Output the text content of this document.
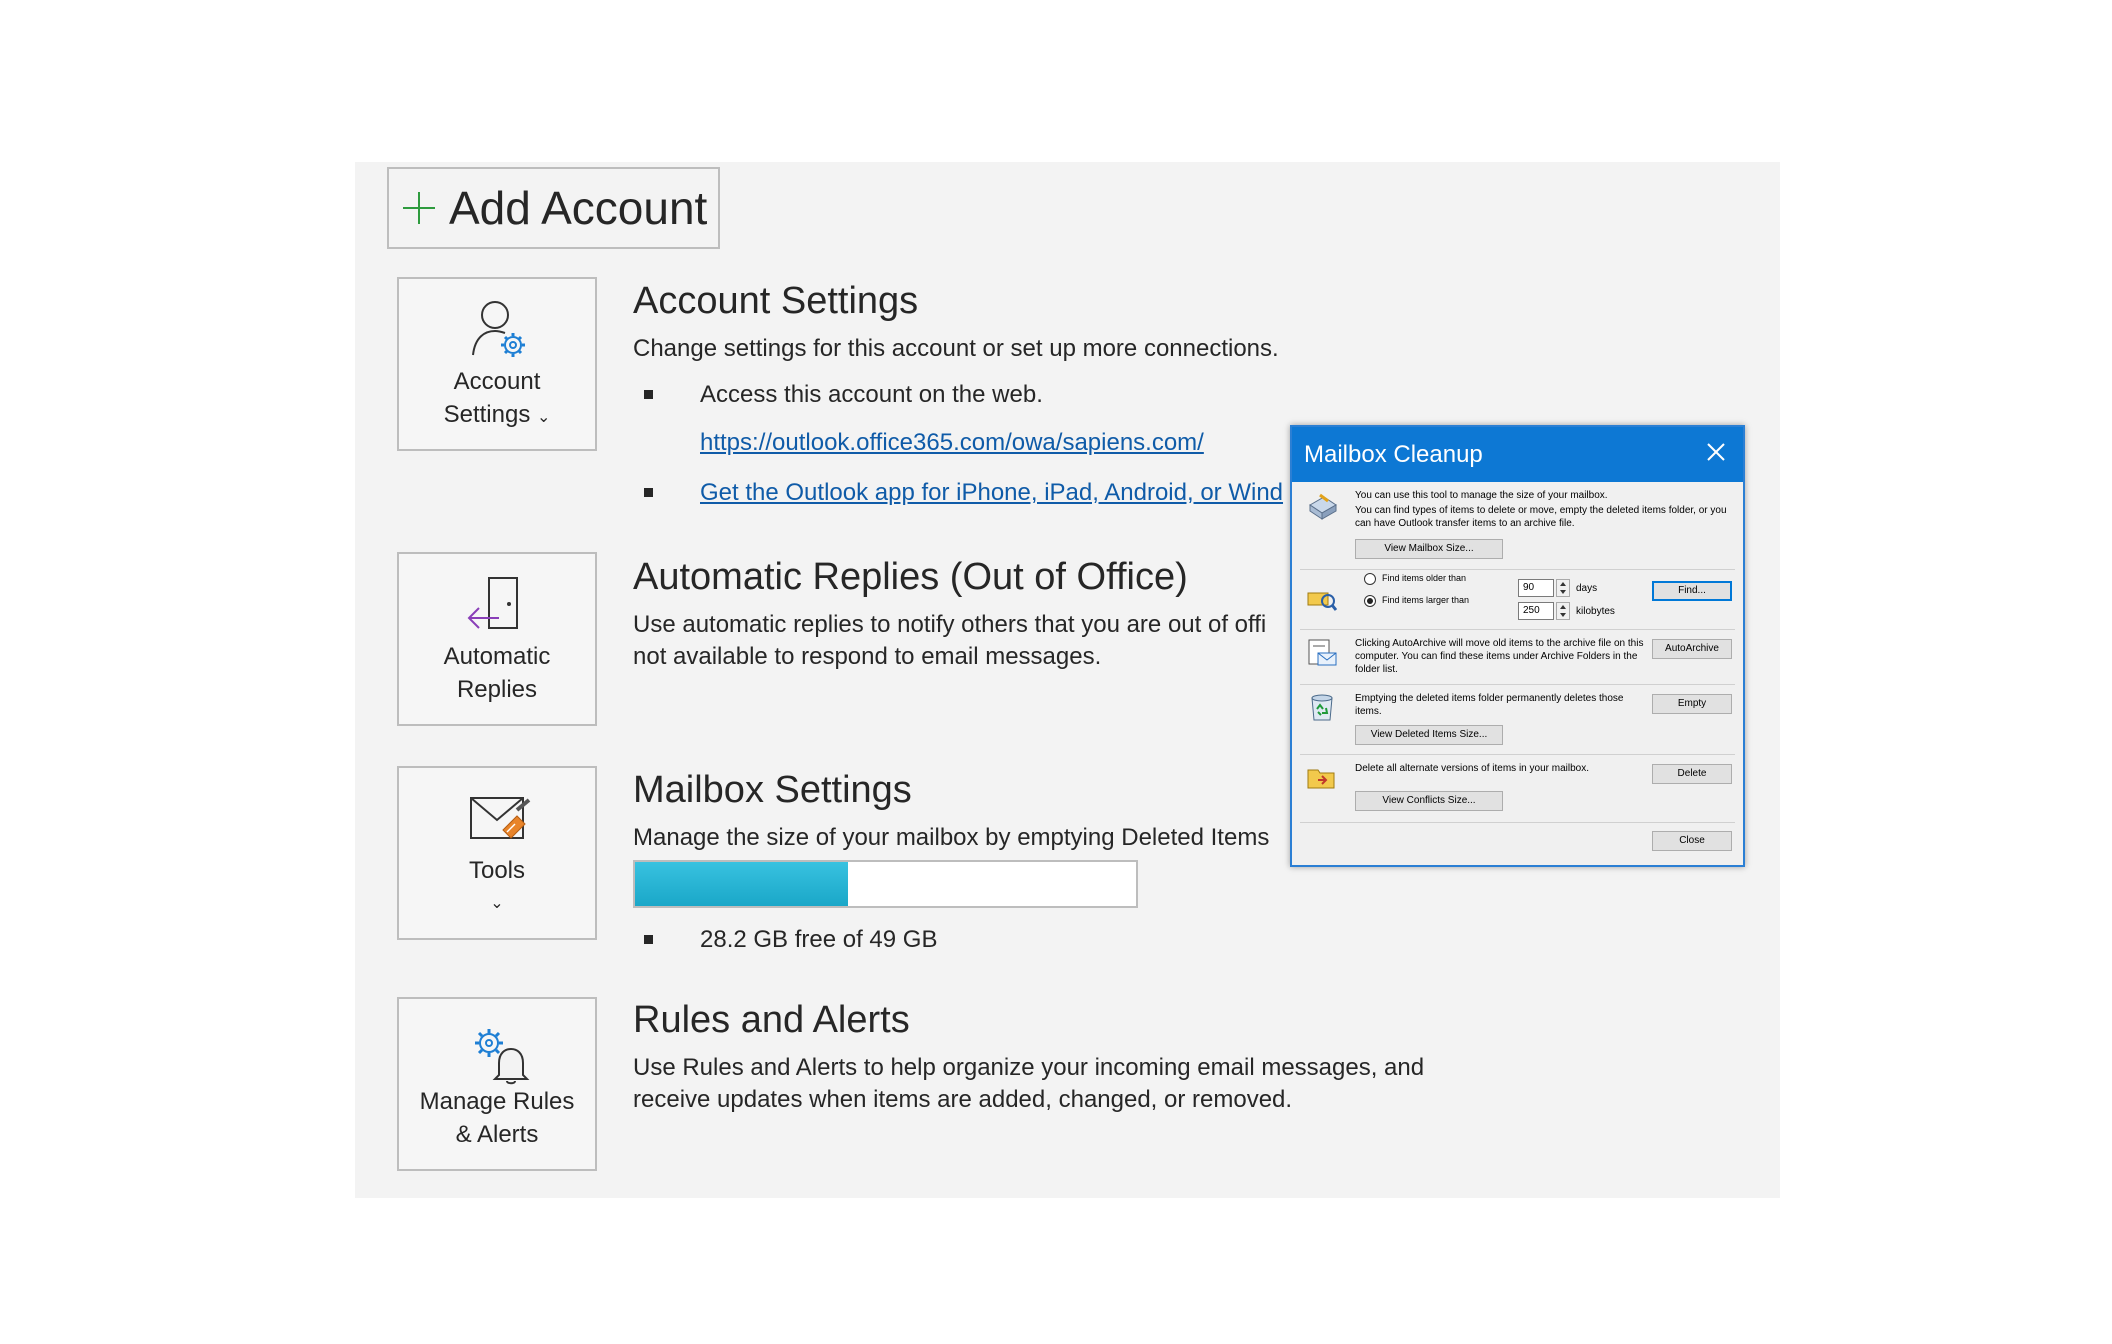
Add Account
Account
Settings ⌄
Automatic
Replies
Tools
⌄
Manage Rules
& Alerts
Account Settings
Change settings for this account or set up more connections.
Access this account on the web.
https://outlook.office365.com/owa/sapiens.com/
Get the Outlook app for iPhone, iPad, Android, or Wind
Automatic Replies (Out of Office)
Use automatic replies to notify others that you are out of offi
not available to respond to email messages.
Mailbox Settings
Manage the size of your mailbox by emptying Deleted Items
28.2 GB free of 49 GB
Rules and Alerts
Use Rules and Alerts to help organize your incoming email messages, and
receive updates when items are added, changed, or removed.
Mailbox Cleanup
You can use this tool to manage the size of your mailbox.
You can find types of items to delete or move, empty the deleted items folder, or you can have Outlook transfer items to an archive file.
View Mailbox Size...
Find items older than
Find items larger than
90	days
250	kilobytes
Find...
Clicking AutoArchive will move old items to the archive file on this computer. You can find these items under Archive Folders in the folder list.
AutoArchive
Emptying the deleted items folder permanently deletes those items.
Empty
View Deleted Items Size...
Delete all alternate versions of items in your mailbox.	Delete
View Conflicts Size...
Close
